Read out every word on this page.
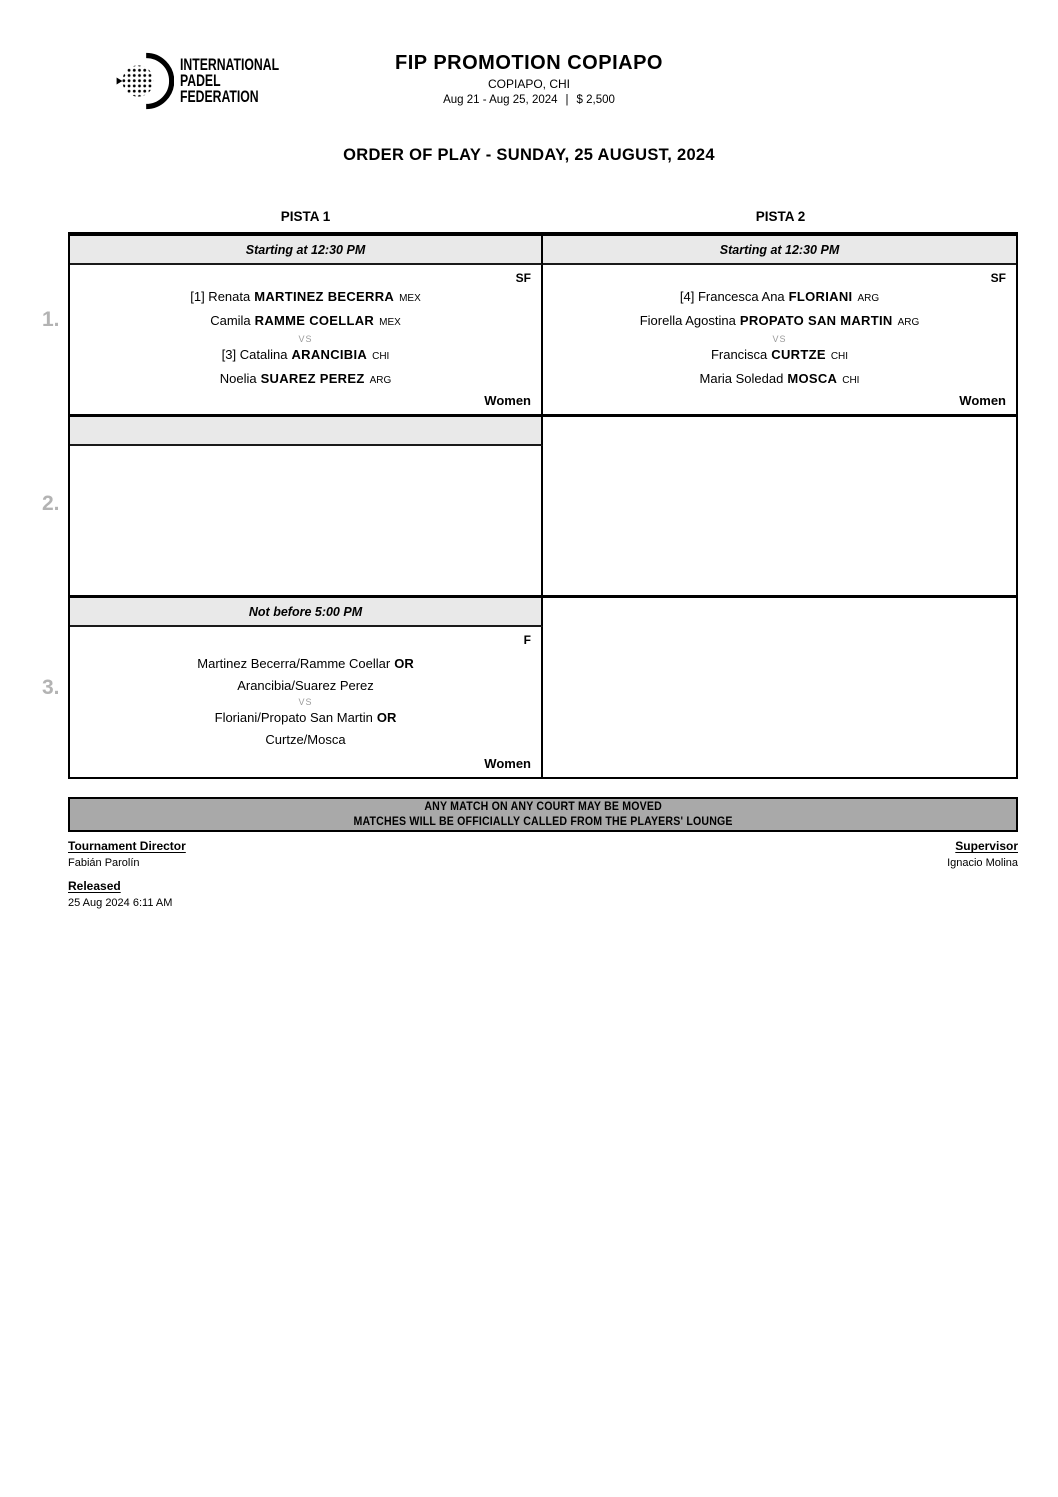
INTERNATIONAL
PADEL
FEDERATION
FIP PROMOTION COPIAPO
COPIAPO, CHI
Aug 21 - Aug 25, 2024 | $ 2,500
ORDER OF PLAY - SUNDAY, 25 AUGUST, 2024
PISTA 1	PISTA 2
1.
2.
3.
Starting at 12:30 PM	Starting at 12:30 PM
SF
[1] Renata MARTINEZ BECERRA MEX
Camila RAMME COELLAR MEX
VS
[3] Catalina ARANCIBIA CHI
Noelia SUAREZ PEREZ ARG
Women
SF
[4] Francesca Ana FLORIANI ARG
Fiorella Agostina PROPATO SAN MARTIN ARG
VS
Francisca CURTZE CHI
Maria Soledad MOSCA CHI
Women
Not before 5:00 PM
F
Martinez Becerra/Ramme Coellar OR
Arancibia/Suarez Perez
VS
Floriani/Propato San Martin OR
Curtze/Mosca
Women
ANY MATCH ON ANY COURT MAY BE MOVED
MATCHES WILL BE OFFICIALLY CALLED FROM THE PLAYERS' LOUNGE
Tournament Director
Fabián Parolín
Released
25 Aug 2024 6:11 AM
Supervisor
Ignacio Molina
